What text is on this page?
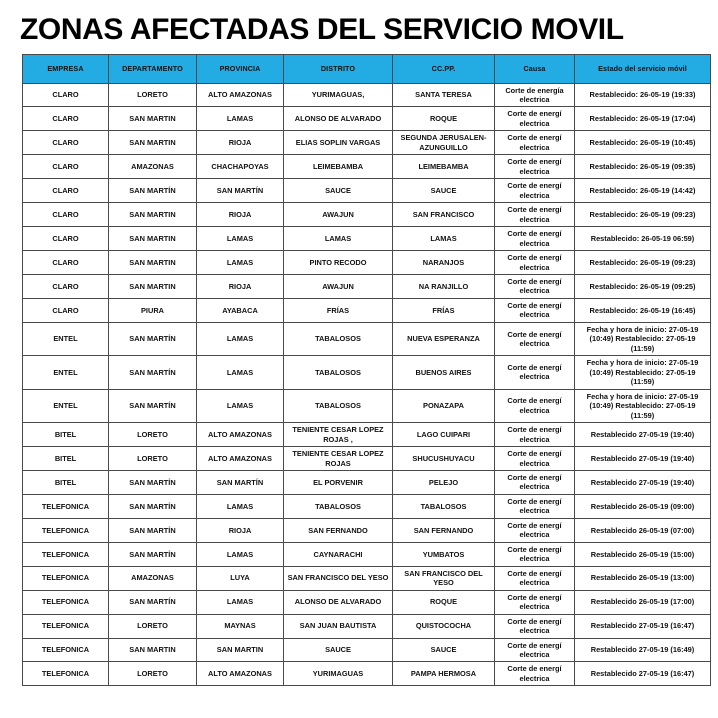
ZONAS AFECTADAS DEL SERVICIO MOVIL
EMPRESA	DEPARTAMENTO	PROVINCIA	DISTRITO	CC.PP.	Causa	Estado del servicio móvil
CLARO	LORETO	ALTO AMAZONAS	YURIMAGUAS,	SANTA TERESA	Corte de energía electrica	Restablecido: 26-05-19 (19:33)
CLARO	SAN MARTIN	LAMAS	ALONSO DE ALVARADO	ROQUE	Corte de energí electrica	Restablecido: 26-05-19 (17:04)
CLARO	SAN MARTIN	RIOJA	ELIAS SOPLIN VARGAS	SEGUNDA JERUSALEN-AZUNGUILLO	Corte de energí electrica	Restablecido: 26-05-19 (10:45)
CLARO	AMAZONAS	CHACHAPOYAS	LEIMEBAMBA	LEIMEBAMBA	Corte de energí electrica	Restablecido: 26-05-19 (09:35)
CLARO	SAN MARTÍN	SAN MARTÍN	SAUCE	SAUCE	Corte de energí electrica	Restablecido: 26-05-19 (14:42)
CLARO	SAN MARTIN	RIOJA	AWAJUN	SAN FRANCISCO	Corte de energí electrica	Restablecido: 26-05-19 (09:23)
CLARO	SAN MARTIN	LAMAS	LAMAS	LAMAS	Corte de energí electrica	Restablecido: 26-05-19 06:59)
CLARO	SAN MARTIN	LAMAS	PINTO RECODO	NARANJOS	Corte de energí electrica	Restablecido: 26-05-19 (09:23)
CLARO	SAN MARTIN	RIOJA	AWAJUN	NA RANJILLO	Corte de energí electrica	Restablecido: 26-05-19 (09:25)
CLARO	PIURA	AYABACA	FRÍAS	FRÍAS	Corte de energí electrica	Restablecido: 26-05-19 (16:45)
ENTEL	SAN MARTÍN	LAMAS	TABALOSOS	NUEVA ESPERANZA	Corte de energí electrica	Fecha y hora de inicio: 27-05-19 (10:49) Restablecido: 27-05-19 (11:59)
ENTEL	SAN MARTÍN	LAMAS	TABALOSOS	BUENOS AIRES	Corte de energí electrica	Fecha y hora de inicio: 27-05-19 (10:49) Restablecido: 27-05-19 (11:59)
ENTEL	SAN MARTÍN	LAMAS	TABALOSOS	PONAZAPA	Corte de energí electrica	Fecha y hora de inicio: 27-05-19 (10:49) Restablecido: 27-05-19 (11:59)
BITEL	LORETO	ALTO AMAZONAS	TENIENTE CESAR LOPEZ ROJAS ,	LAGO CUIPARI	Corte de energí electrica	Restablecido 27-05-19 (19:40)
BITEL	LORETO	ALTO AMAZONAS	TENIENTE CESAR LOPEZ ROJAS	SHUCUSHUYACU	Corte de energí electrica	Restablecido 27-05-19 (19:40)
BITEL	SAN MARTÍN	SAN MARTÍN	EL PORVENIR	PELEJO	Corte de energí electrica	Restablecido 27-05-19 (19:40)
TELEFONICA	SAN MARTÍN	LAMAS	TABALOSOS	TABALOSOS	Corte de energí electrica	Restablecido 26-05-19 (09:00)
TELEFONICA	SAN MARTÍN	RIOJA	SAN FERNANDO	SAN FERNANDO	Corte de energí electrica	Restablecido 26-05-19 (07:00)
TELEFONICA	SAN MARTÍN	LAMAS	CAYNARACHI	YUMBATOS	Corte de energí electrica	Restablecido 26-05-19 (15:00)
TELEFONICA	AMAZONAS	LUYA	SAN FRANCISCO DEL YESO	SAN FRANCISCO DEL YESO	Corte de energí electrica	Restablecido 26-05-19 (13:00)
TELEFONICA	SAN MARTÍN	LAMAS	ALONSO DE ALVARADO	ROQUE	Corte de energí electrica	Restablecido 26-05-19 (17:00)
TELEFONICA	LORETO	MAYNAS	SAN JUAN BAUTISTA	QUISTOCOCHA	Corte de energí electrica	Restablecido 27-05-19 (16:47)
TELEFONICA	SAN MARTIN	SAN MARTIN	SAUCE	SAUCE	Corte de energí electrica	Restablecido 27-05-19 (16:49)
TELEFONICA	LORETO	ALTO AMAZONAS	YURIMAGUAS	PAMPA HERMOSA	Corte de energí electrica	Restablecido 27-05-19 (16:47)
